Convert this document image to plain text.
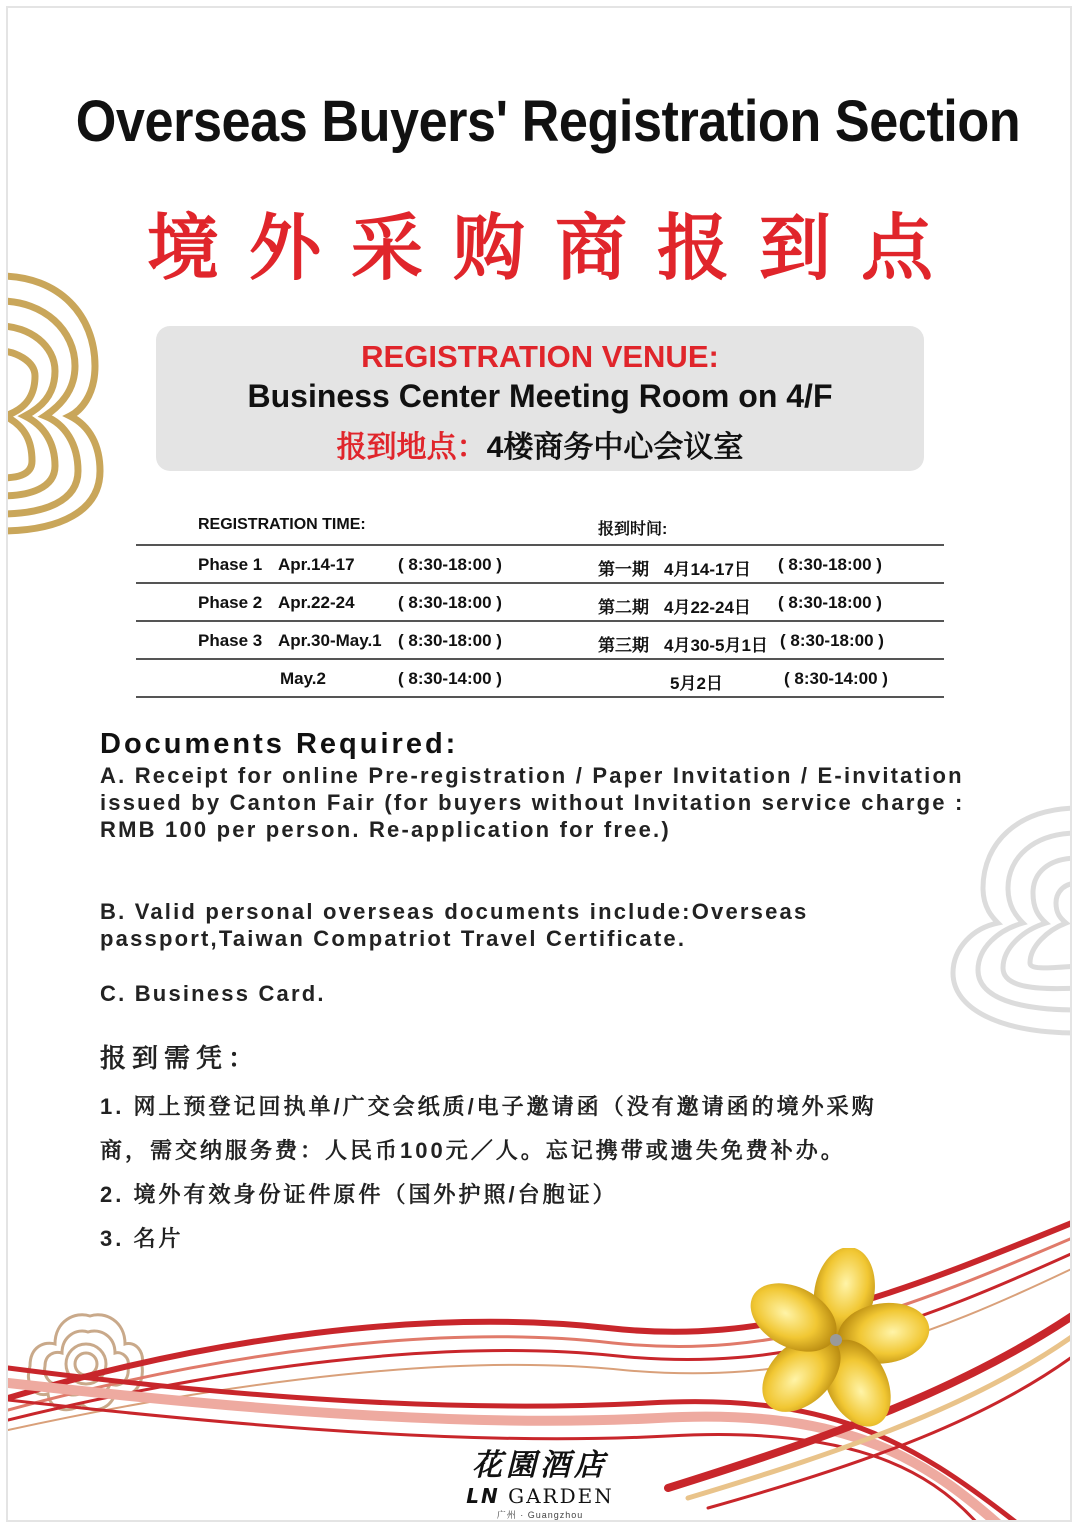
Overseas Buyers' Registration Section
境外采购商报到点
REGISTRATION VENUE:
Business Center Meeting Room on 4/F
报到地点：4楼商务中心会议室
REGISTRATION TIME:	报到时间:
Phase 1 Apr.14-17	( 8:30-18:00 )	第一期 4月14-17日 ( 8:30-18:00 )
Phase 2 Apr.22-24	( 8:30-18:00 )	第二期 4月22-24日 ( 8:30-18:00 )
Phase 3 Apr.30-May.1 ( 8:30-18:00 )	第三期 4月30-5月1日 ( 8:30-18:00 )
May.2	( 8:30-14:00 )	5月2日	( 8:30-14:00 )
Documents Required:

A. Receipt for online Pre-registration / Paper Invitation / E-invitation issued by Canton Fair (for buyers without Invitation service charge : RMB 100 per person. Re-application for free.)

B. Valid personal overseas documents include:Overseas passport,Taiwan Compatriot Travel Certificate.

C. Business Card.

报到需凭：
1. 网上预登记回执单/广交会纸质/电子邀请函（没有邀请函的境外采购
商，需交纳服务费：人民币100元／人。忘记携带或遗失免费补办。
2. 境外有效身份证件原件（国外护照/台胞证）
3. 名片
花園酒店
LN GARDEN
广州 · Guangzhou
